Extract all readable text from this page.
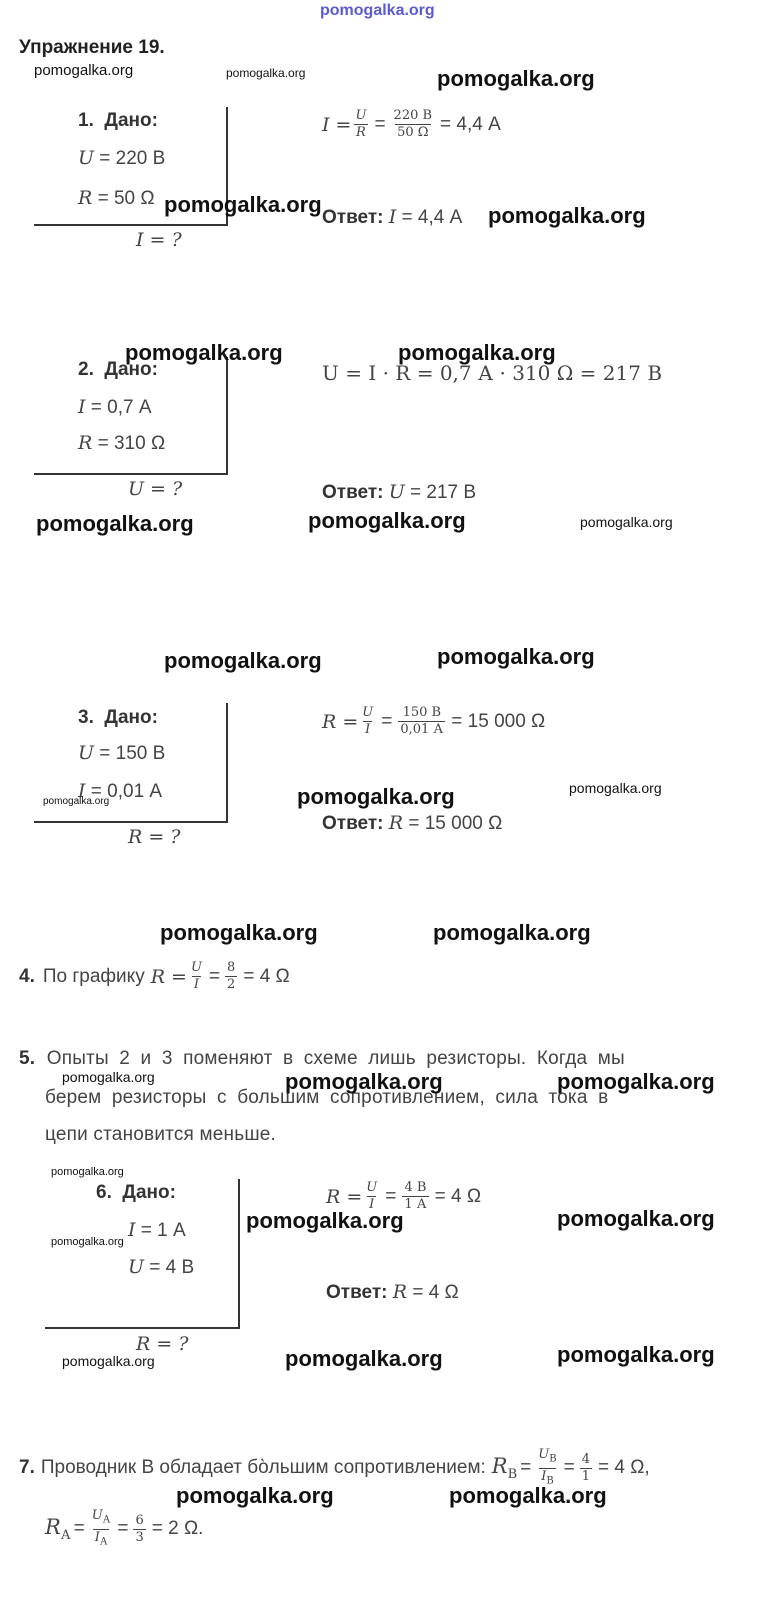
pomogalka.org
Упражнение 19.
1. Дано:
U = 220 В
R = 50 Ω
I = ?
$I = \frac{U}{R} = \frac{220 В}{50 \Omega} = 4,4$ А
Ответ: I = 4,4 А
2. Дано:
I = 0,7 А
R = 310 Ω
U = ?
U = I · R = 0,7 А · 310 Ω = 217 В
Ответ: U = 217 В
3. Дано:
U = 150 В
I = 0,01 А
R = ?
$R = \frac{U}{I} = \frac{150 В}{0,01 А} = 15$ 000 Ω
Ответ: R = 15 000 Ω
4. По графику $R = \frac{U}{I} = \frac{8}{2} = 4$ Ω
5. Опыты 2 и 3 поменяют в схеме лишь резисторы. Когда мы
берем резисторы с большим сопротивлением, сила тока в
цепи становится меньше.
6. Дано:
I = 1 А
U = 4 В
R = ?
$R = \frac{U}{I} = \frac{4 В}{1 А} = 4$ Ω
Ответ: R = 4 Ω
7. Проводник В обладает бо̀льшим сопротивлением: $R_В = \frac{U_В}{I_В} = \frac{4}{1} = 4$ Ω,
$R_А = \frac{U_А}{I_А} = \frac{6}{3} = 2$ Ω.
pomogalka.org	pomogalka.org	pomogalka.org
pomogalka.org	pomogalka.org
pomogalka.org	pomogalka.org
pomogalka.org	pomogalka.org	pomogalka.org
pomogalka.org	pomogalka.org
pomogalka.org	pomogalka.org	pomogalka.org
pomogalka.org	pomogalka.org
pomogalka.org	pomogalka.org	pomogalka.org
pomogalka.org
pomogalka.org
pomogalka.org	pomogalka.org
pomogalka.org	pomogalka.org	pomogalka.org
pomogalka.org	pomogalka.org
